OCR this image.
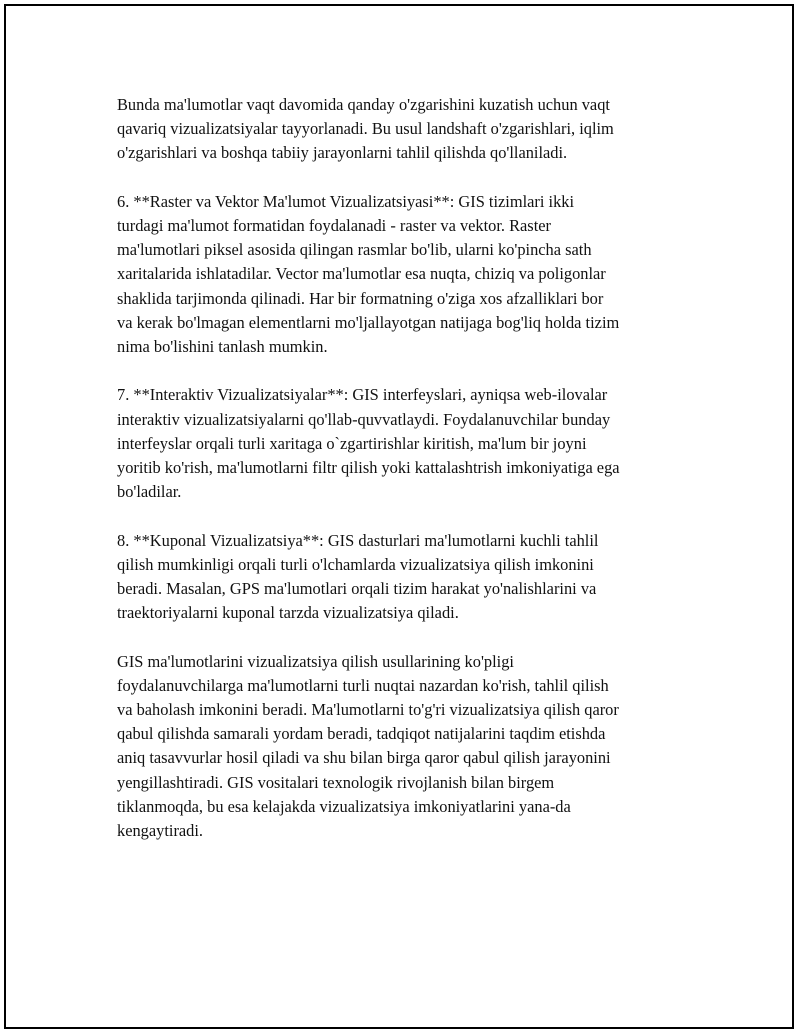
Bunda ma'lumotlar vaqt davomida qanday o'zgarishini kuzatish uchun vaqt
qavariq vizualizatsiyalar tayyorlanadi. Bu usul landshaft o'zgarishlari, iqlim
o'zgarishlari va boshqa tabiiy jarayonlarni tahlil qilishda qo'llaniladi.

6. **Raster va Vektor Ma'lumot Vizualizatsiyasi**: GIS tizimlari ikki
turdagi ma'lumot formatidan foydalanadi - raster va vektor. Raster
ma'lumotlari piksel asosida qilingan rasmlar bo'lib, ularni ko'pincha sath
xaritalarida ishlatadilar. Vector ma'lumotlar esa nuqta, chiziq va poligonlar
shaklida tarjimonda qilinadi. Har bir formatning o'ziga xos afzalliklari bor
va kerak bo'lmagan elementlarni mo'ljallayotgan natijaga bog'liq holda tizim
nima bo'lishini tanlash mumkin.

7. **Interaktiv Vizualizatsiyalar**: GIS interfeyslari, ayniqsa web-ilovalar
interaktiv vizualizatsiyalarni qo'llab-quvvatlaydi. Foydalanuvchilar bunday
interfeyslar orqali turli xaritaga o`zgartirishlar kiritish, ma'lum bir joyni
yoritib ko'rish, ma'lumotlarni filtr qilish yoki kattalashtrish imkoniyatiga ega
bo'ladilar.

8. **Kuponal Vizualizatsiya**: GIS dasturlari ma'lumotlarni kuchli tahlil
qilish mumkinligi orqali turli o'lchamlarda vizualizatsiya qilish imkonini
beradi. Masalan, GPS ma'lumotlari orqali tizim harakat yo'nalishlarini va
traektoriyalarni kuponal tarzda vizualizatsiya qiladi.

GIS ma'lumotlarini vizualizatsiya qilish usullarining ko'pligi
foydalanuvchilarga ma'lumotlarni turli nuqtai nazardan ko'rish, tahlil qilish
va baholash imkonini beradi. Ma'lumotlarni to'g'ri vizualizatsiya qilish qaror
qabul qilishda samarali yordam beradi, tadqiqot natijalarini taqdim etishda
aniq tasavvurlar hosil qiladi va shu bilan birga qaror qabul qilish jarayonini
yengillashtiradi. GIS vositalari texnologik rivojlanish bilan birgem
tiklanmoqda, bu esa kelajakda vizualizatsiya imkoniyatlarini yana-da
kengaytiradi.
